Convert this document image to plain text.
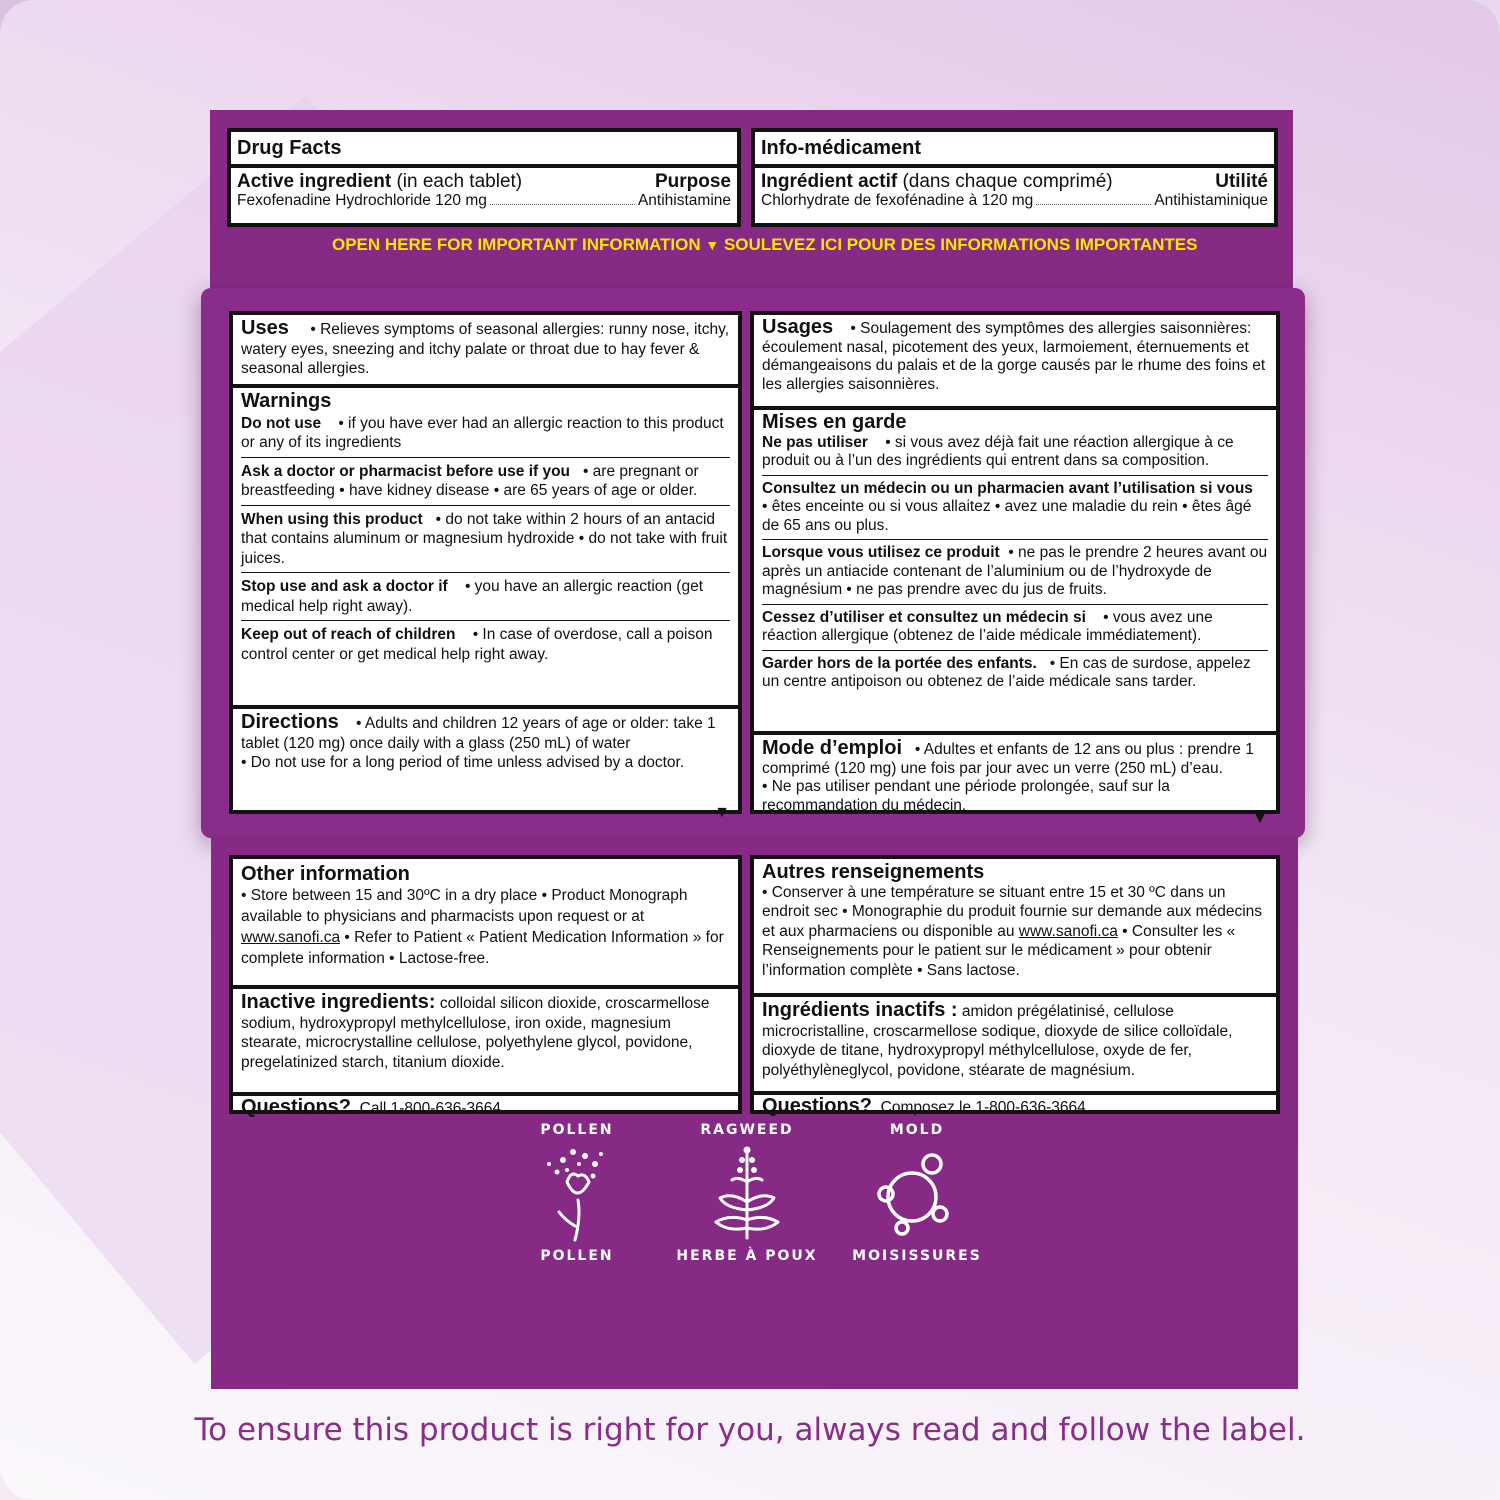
Drug Facts
Active ingredient (in each tablet)	Purpose
Fexofenadine Hydrochloride 120 mg	Antihistamine
Info-médicament
Ingrédient actif (dans chaque comprimé)	Utilité
Chlorhydrate de fexofénadine à 120 mg	Antihistaminique
OPEN HERE FOR IMPORTANT INFORMATION ▼ SOULEVEZ ICI POUR DES INFORMATIONS IMPORTANTES
Uses • Relieves symptoms of seasonal allergies: runny nose, itchy, watery eyes, sneezing and itchy palate or throat due to hay fever & seasonal allergies.
Warnings
Do not use • if you have ever had an allergic reaction to this product or any of its ingredients
Ask a doctor or pharmacist before use if you • are pregnant or breastfeeding • have kidney disease • are 65 years of age or older.
When using this product • do not take within 2 hours of an antacid that contains aluminum or magnesium hydroxide • do not take with fruit juices.
Stop use and ask a doctor if • you have an allergic reaction (get medical help right away).
Keep out of reach of children • In case of overdose, call a poison control center or get medical help right away.
Directions • Adults and children 12 years of age or older: take 1 tablet (120 mg) once daily with a glass (250 mL) of water
• Do not use for a long period of time unless advised by a doctor.
▼
Usages • Soulagement des symptômes des allergies saisonnières: écoulement nasal, picotement des yeux, larmoiement, éternuements et démangeaisons du palais et de la gorge causés par le rhume des foins et les allergies saisonnières.
Mises en garde
Ne pas utiliser • si vous avez déjà fait une réaction allergique à ce produit ou à l’un des ingrédients qui entrent dans sa composition.
Consultez un médecin ou un pharmacien avant l’utilisation si vous   • êtes enceinte ou si vous allaitez • avez une maladie du rein • êtes âgé de 65 ans ou plus.
Lorsque vous utilisez ce produit • ne pas le prendre 2 heures avant ou après un antiacide contenant de l’aluminium ou de l’hydroxyde de magnésium • ne pas prendre avec du jus de fruits.
Cessez d’utiliser et consultez un médecin si • vous avez une réaction allergique (obtenez de l’aide médicale immédiatement).
Garder hors de la portée des enfants. • En cas de surdose, appelez un centre antipoison ou obtenez de l’aide médicale sans tarder.
Mode d’emploi • Adultes et enfants de 12 ans ou plus : prendre 1 comprimé (120 mg) une fois par jour avec un verre (250 mL) d’eau.
• Ne pas utiliser pendant une période prolongée, sauf sur la recommandation du médecin.
▼
Other information
• Store between 15 and 30ºC in a dry place • Product Monograph available to physicians and pharmacists upon request or at www.sanofi.ca • Refer to Patient « Patient Medication Information » for complete information • Lactose-free.
Inactive ingredients: colloidal silicon dioxide, croscarmellose sodium, hydroxypropyl methylcellulose, iron oxide, magnesium stearate, microcrystalline cellulose, polyethylene glycol, povidone, pregelatinized starch, titanium dioxide.
Questions? Call 1-800-636-3664
Autres renseignements
• Conserver à une température se situant entre 15 et 30 ºC dans un endroit sec • Monographie du produit fournie sur demande aux médecins et aux pharmaciens ou disponible au www.sanofi.ca • Consulter les « Renseignements pour le patient sur le médicament » pour obtenir l’information complète • Sans lactose.
Ingrédients inactifs : amidon prégélatinisé, cellulose microcristalline, croscarmellose sodique, dioxyde de silice colloïdale, dioxyde de titane, hydroxypropyl méthylcellulose, oxyde de fer, polyéthylèneglycol, povidone, stéarate de magnésium.
Questions? Composez le 1-800-636-3664
POLLEN
POLLEN
RAGWEED
HERBE À POUX
MOLD
MOISISSURES
To ensure this product is right for you, always read and follow the label.
